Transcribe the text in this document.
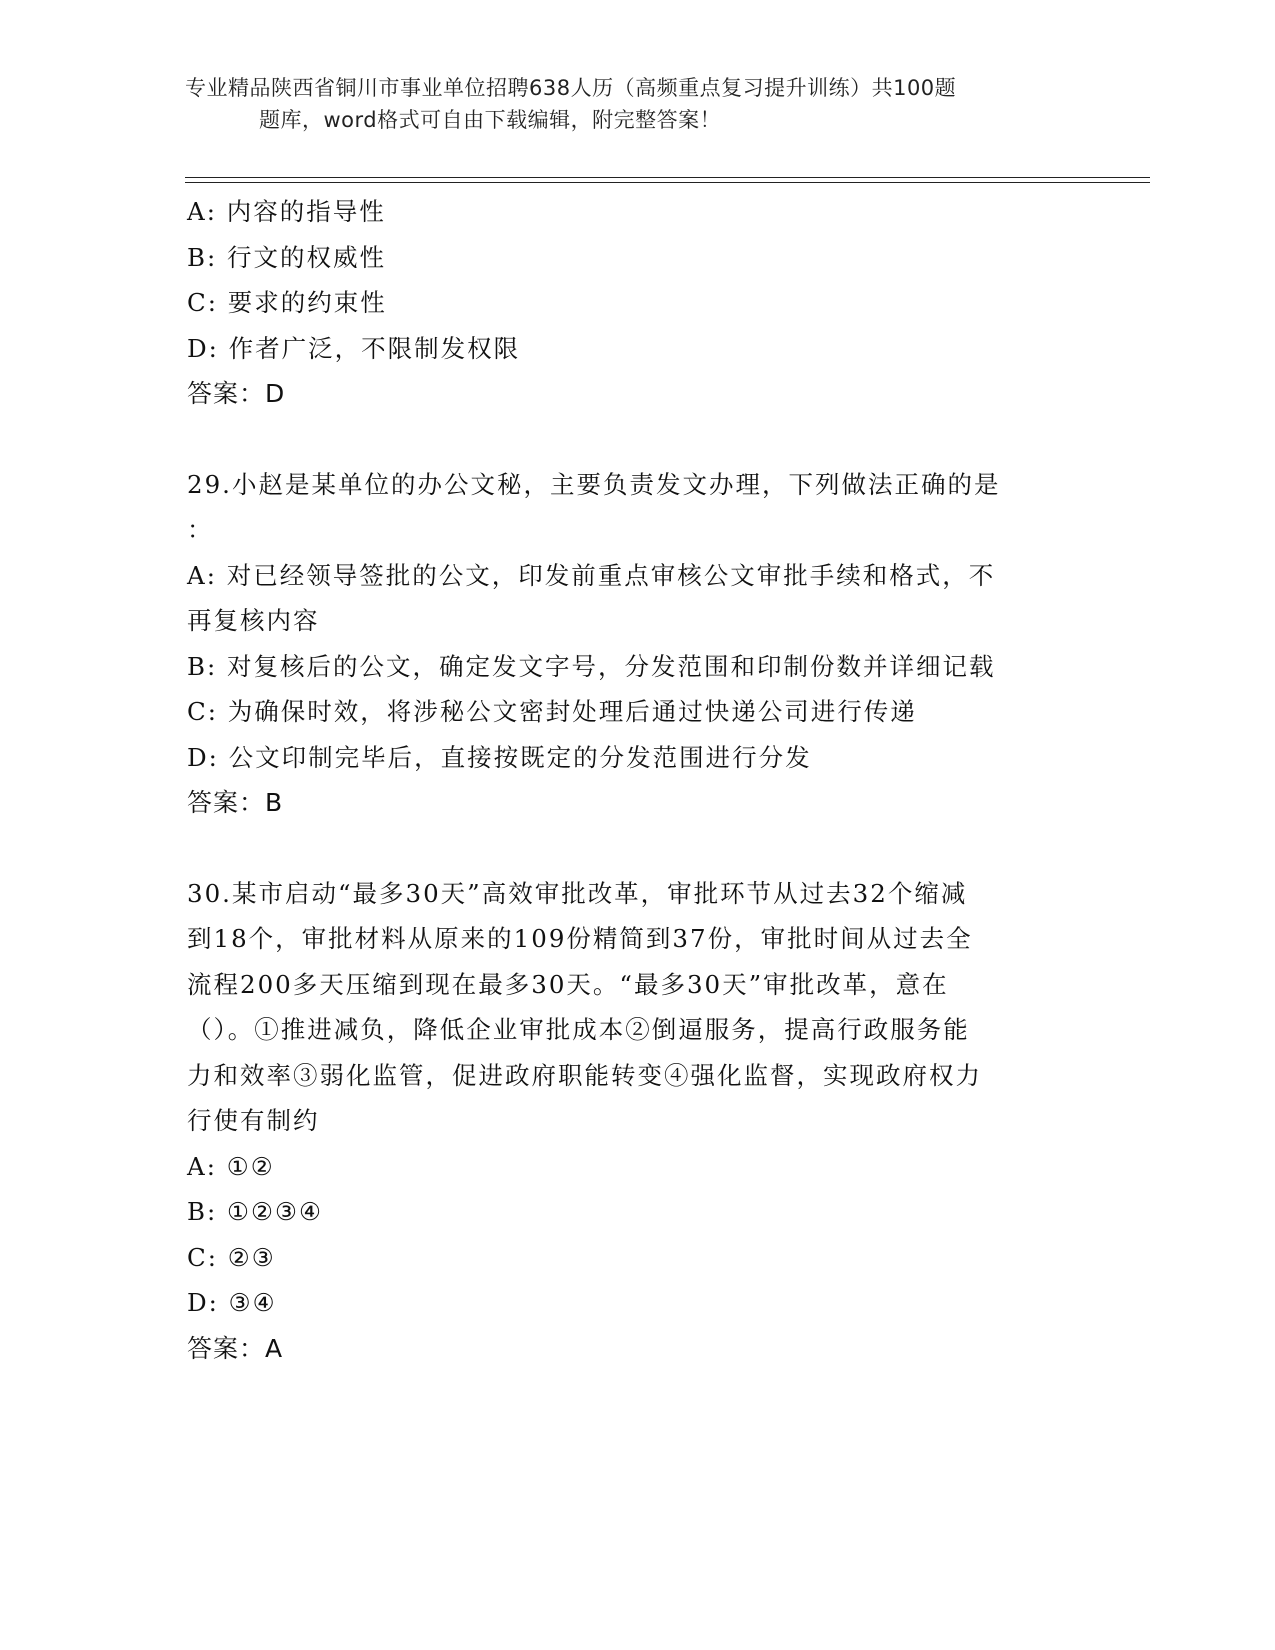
专业精品陕西省铜川市事业单位招聘638人历（高频重点复习提升训练）共100题
题库，word格式可自由下载编辑，附完整答案！
A: 内容的指导性
B: 行文的权威性
C: 要求的约束性
D: 作者广泛，不限制发权限
答案：D
29.小赵是某单位的办公文秘，主要负责发文办理，下列做法正确的是
：
A: 对已经领导签批的公文，印发前重点审核公文审批手续和格式，不
再复核内容
B: 对复核后的公文，确定发文字号，分发范围和印制份数并详细记载
C: 为确保时效，将涉秘公文密封处理后通过快递公司进行传递
D: 公文印制完毕后，直接按既定的分发范围进行分发
答案：B
30.某市启动“最多30天”高效审批改革，审批环节从过去32个缩减
到18个，审批材料从原来的109份精简到37份，审批时间从过去全
流程200多天压缩到现在最多30天。“最多30天”审批改革，意在
（）。①推进减负，降低企业审批成本②倒逼服务，提高行政服务能
力和效率③弱化监管，促进政府职能转变④强化监督，实现政府权力
行使有制约
A: ①②
B: ①②③④
C: ②③
D: ③④
答案：A
